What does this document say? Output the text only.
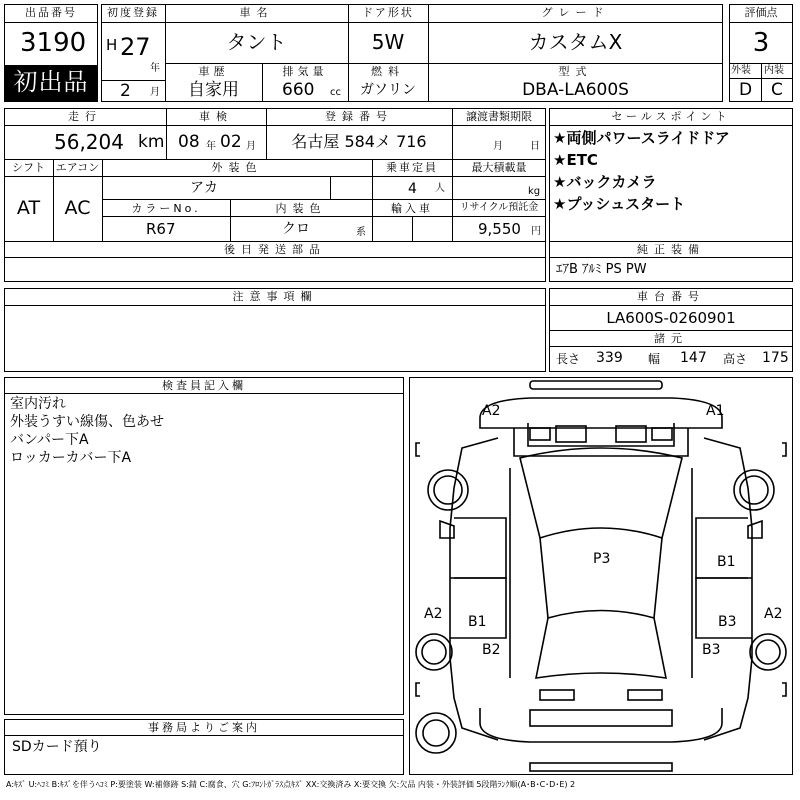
出品番号
3190
初出品
初度登録
H 27
年
2 月
車名
タント
ドア形状
5W
グレード
カスタムX
車歴
自家用
排気量
660 cc
燃料
ガソリン
型式
DBA-LA600S
評価点
3
外装 内装
D C
走行
56,204 km
車検
08 年 02 月
登録番号
名古屋 584メ 716
譲渡書類期限
月	日
シフト
AT
エアコン
AC
外装色
アカ
乗車定員
4 人
最大積載量
kg
カラーNo.
R67
内装色
クロ	系
輸入車	リサイクル預託金
9,550 円
後日発送部品
セールスポイント
★両側パワースライドドア
★ETC
★バックカメラ
★プッシュスタート
純正装備
ｴｱB ｱﾙﾐ PS PW
注意事項欄	車台番号
LA600S-0260901
諸元
長さ 339 幅 147 高さ 175
検査員記入欄
室内汚れ
外装うすい線傷、色あせ
バンパー下A
ロッカーカバー下A
事務局よりご案内
SDカード預り
A2	A1
P3	B1
A2 B1	B3 A2
B2	B3
A:ｷｽﾞ U:ﾍｺﾐ B:ｷｽﾞを伴うﾍｺﾐ P:要塗装 W:補修跡 S:錆 C:腐食、穴 G:ﾌﾛﾝﾄｶﾞﾗｽ点ｷｽﾞ XX:交換済み X:要交換 欠:欠品 内装・外装評価 5段階ﾗﾝｸ順(A･B･C･D･E) 2
